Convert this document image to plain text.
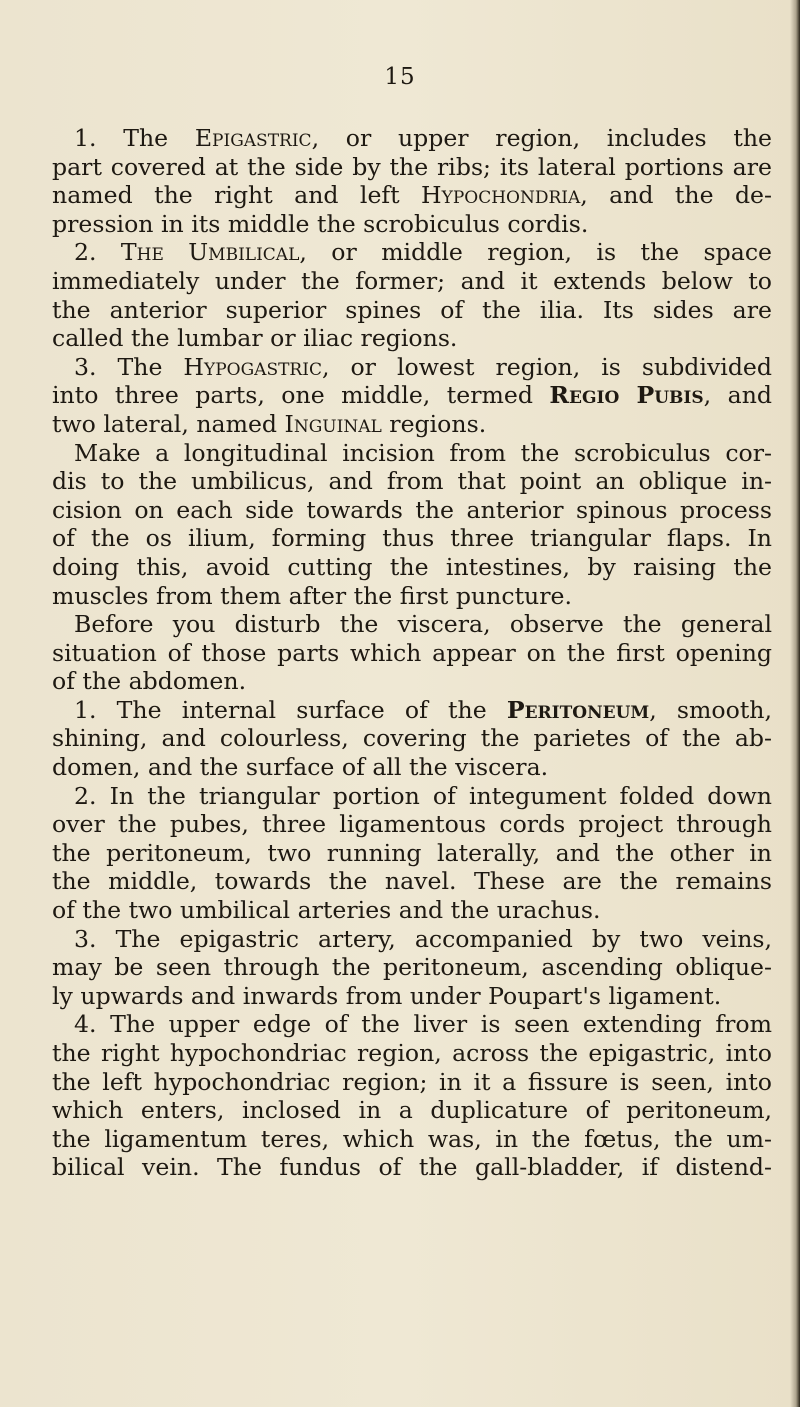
15
1. The Epigastric, or upper region, includes the
part covered at the side by the ribs; its lateral portions are
named the right and left Hypochondria, and the de-
pression in its middle the scrobiculus cordis.
2. The Umbilical, or middle region, is the space
immediately under the former; and it extends below to
the anterior superior spines of the ilia. Its sides are
called the lumbar or iliac regions.
3. The Hypogastric, or lowest region, is subdivided
into three parts, one middle, termed Regio Pubis, and
two lateral, named Inguinal regions.
Make a longitudinal incision from the scrobiculus cor-
dis to the umbilicus, and from that point an oblique in-
cision on each side towards the anterior spinous process
of the os ilium, forming thus three triangular flaps. In
doing this, avoid cutting the intestines, by raising the
muscles from them after the first puncture.
Before you disturb the viscera, observe the general
situation of those parts which appear on the first opening
of the abdomen.
1. The internal surface of the Peritoneum, smooth,
shining, and colourless, covering the parietes of the ab-
domen, and the surface of all the viscera.
2. In the triangular portion of integument folded down
over the pubes, three ligamentous cords project through
the peritoneum, two running laterally, and the other in
the middle, towards the navel. These are the remains
of the two umbilical arteries and the urachus.
3. The epigastric artery, accompanied by two veins,
may be seen through the peritoneum, ascending oblique-
ly upwards and inwards from under Poupart's ligament.
4. The upper edge of the liver is seen extending from
the right hypochondriac region, across the epigastric, into
the left hypochondriac region; in it a fissure is seen, into
which enters, inclosed in a duplicature of peritoneum,
the ligamentum teres, which was, in the fœtus, the um-
bilical vein. The fundus of the gall-bladder, if distend-
